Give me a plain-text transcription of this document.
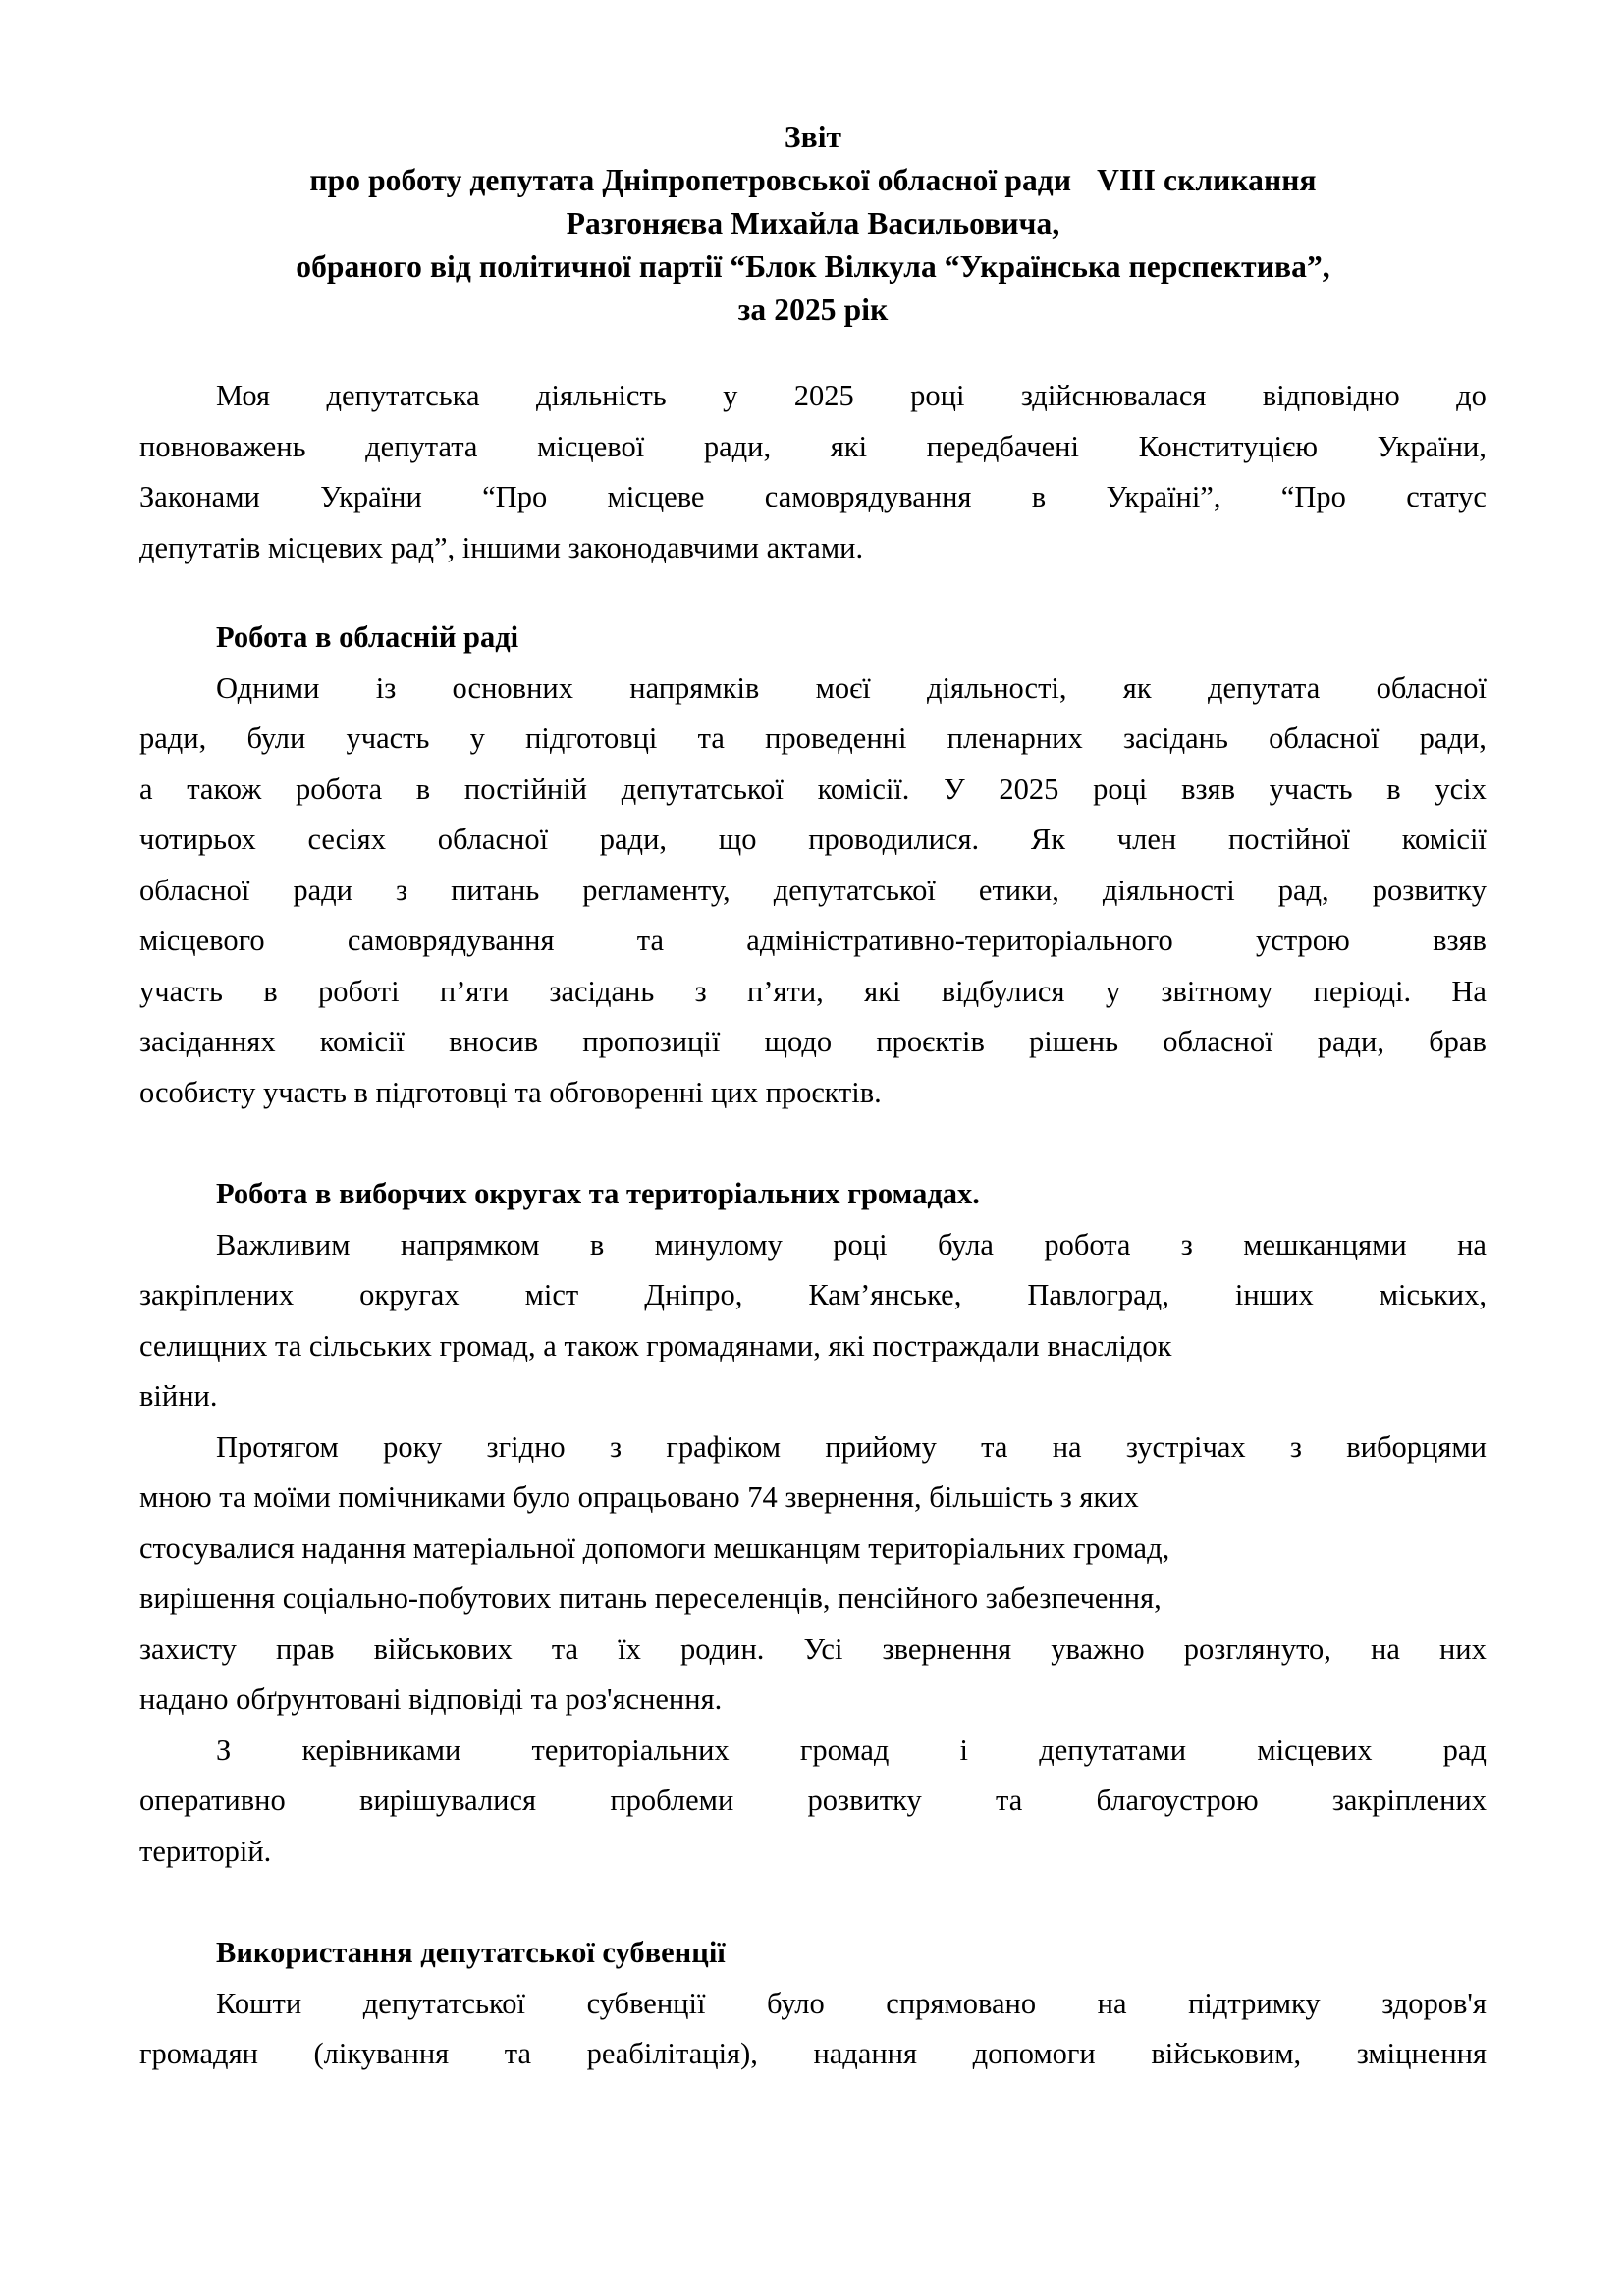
Звіт
про роботу депутата Дніпропетровської обласної ради VIII скликання
Разгоняєва Михайла Васильовича,
обраного від політичної партії “Блок Вілкула “Українська перспектива”,
за 2025 рік
Моя депутатська діяльність у 2025 році здійснювалася відповідно до
повноважень депутата місцевої ради, які передбачені Конституцією України,
Законами України “Про місцеве самоврядування в Україні”, “Про статус
депутатів місцевих рад”, іншими законодавчими актами.
Робота в обласній раді
Одними із основних напрямків моєї діяльності, як депутата обласної
ради, були участь у підготовці та проведенні пленарних засідань обласної ради,
а також робота в постійній депутатської комісії. У 2025 році взяв участь в усіх
чотирьох сесіях обласної ради, що проводилися. Як член постійної комісії
обласної ради з питань регламенту, депутатської етики, діяльності рад, розвитку
місцевого	самоврядування	та	адміністративно-територіального	устрою	взяв
участь в роботі п’яти засідань з п’яти, які відбулися у звітному періоді. На
засіданнях комісії вносив пропозиції щодо проєктів рішень обласної ради, брав
особисту участь в підготовці та обговоренні цих проєктів.
Робота в виборчих округах та територіальних громадах.
Важливим напрямком в минулому році була робота з мешканцями на
закріплених округах міст Дніпро, Кам’янське, Павлоград, інших міських,
селищних та сільських громад, а також громадянами, які постраждали внаслідок
війни.
Протягом року згідно з графіком прийому та на зустрічах з виборцями
мною та моїми помічниками було опрацьовано 74 звернення, більшість з яких
стосувалися надання матеріальної допомоги мешканцям територіальних громад,
вирішення соціально-побутових питань переселенців, пенсійного забезпечення,
захисту прав військових та їх родин. Усі звернення уважно розглянуто, на них
надано обґрунтовані відповіді та роз'яснення.
З керівниками територіальних громад і депутатами місцевих рад
оперативно вирішувалися проблеми розвитку та благоустрою закріплених
територій.
Використання депутатської субвенції
Кошти депутатської субвенції було спрямовано на підтримку здоров'я
громадян (лікування та реабілітація), надання допомоги військовим, зміцнення
